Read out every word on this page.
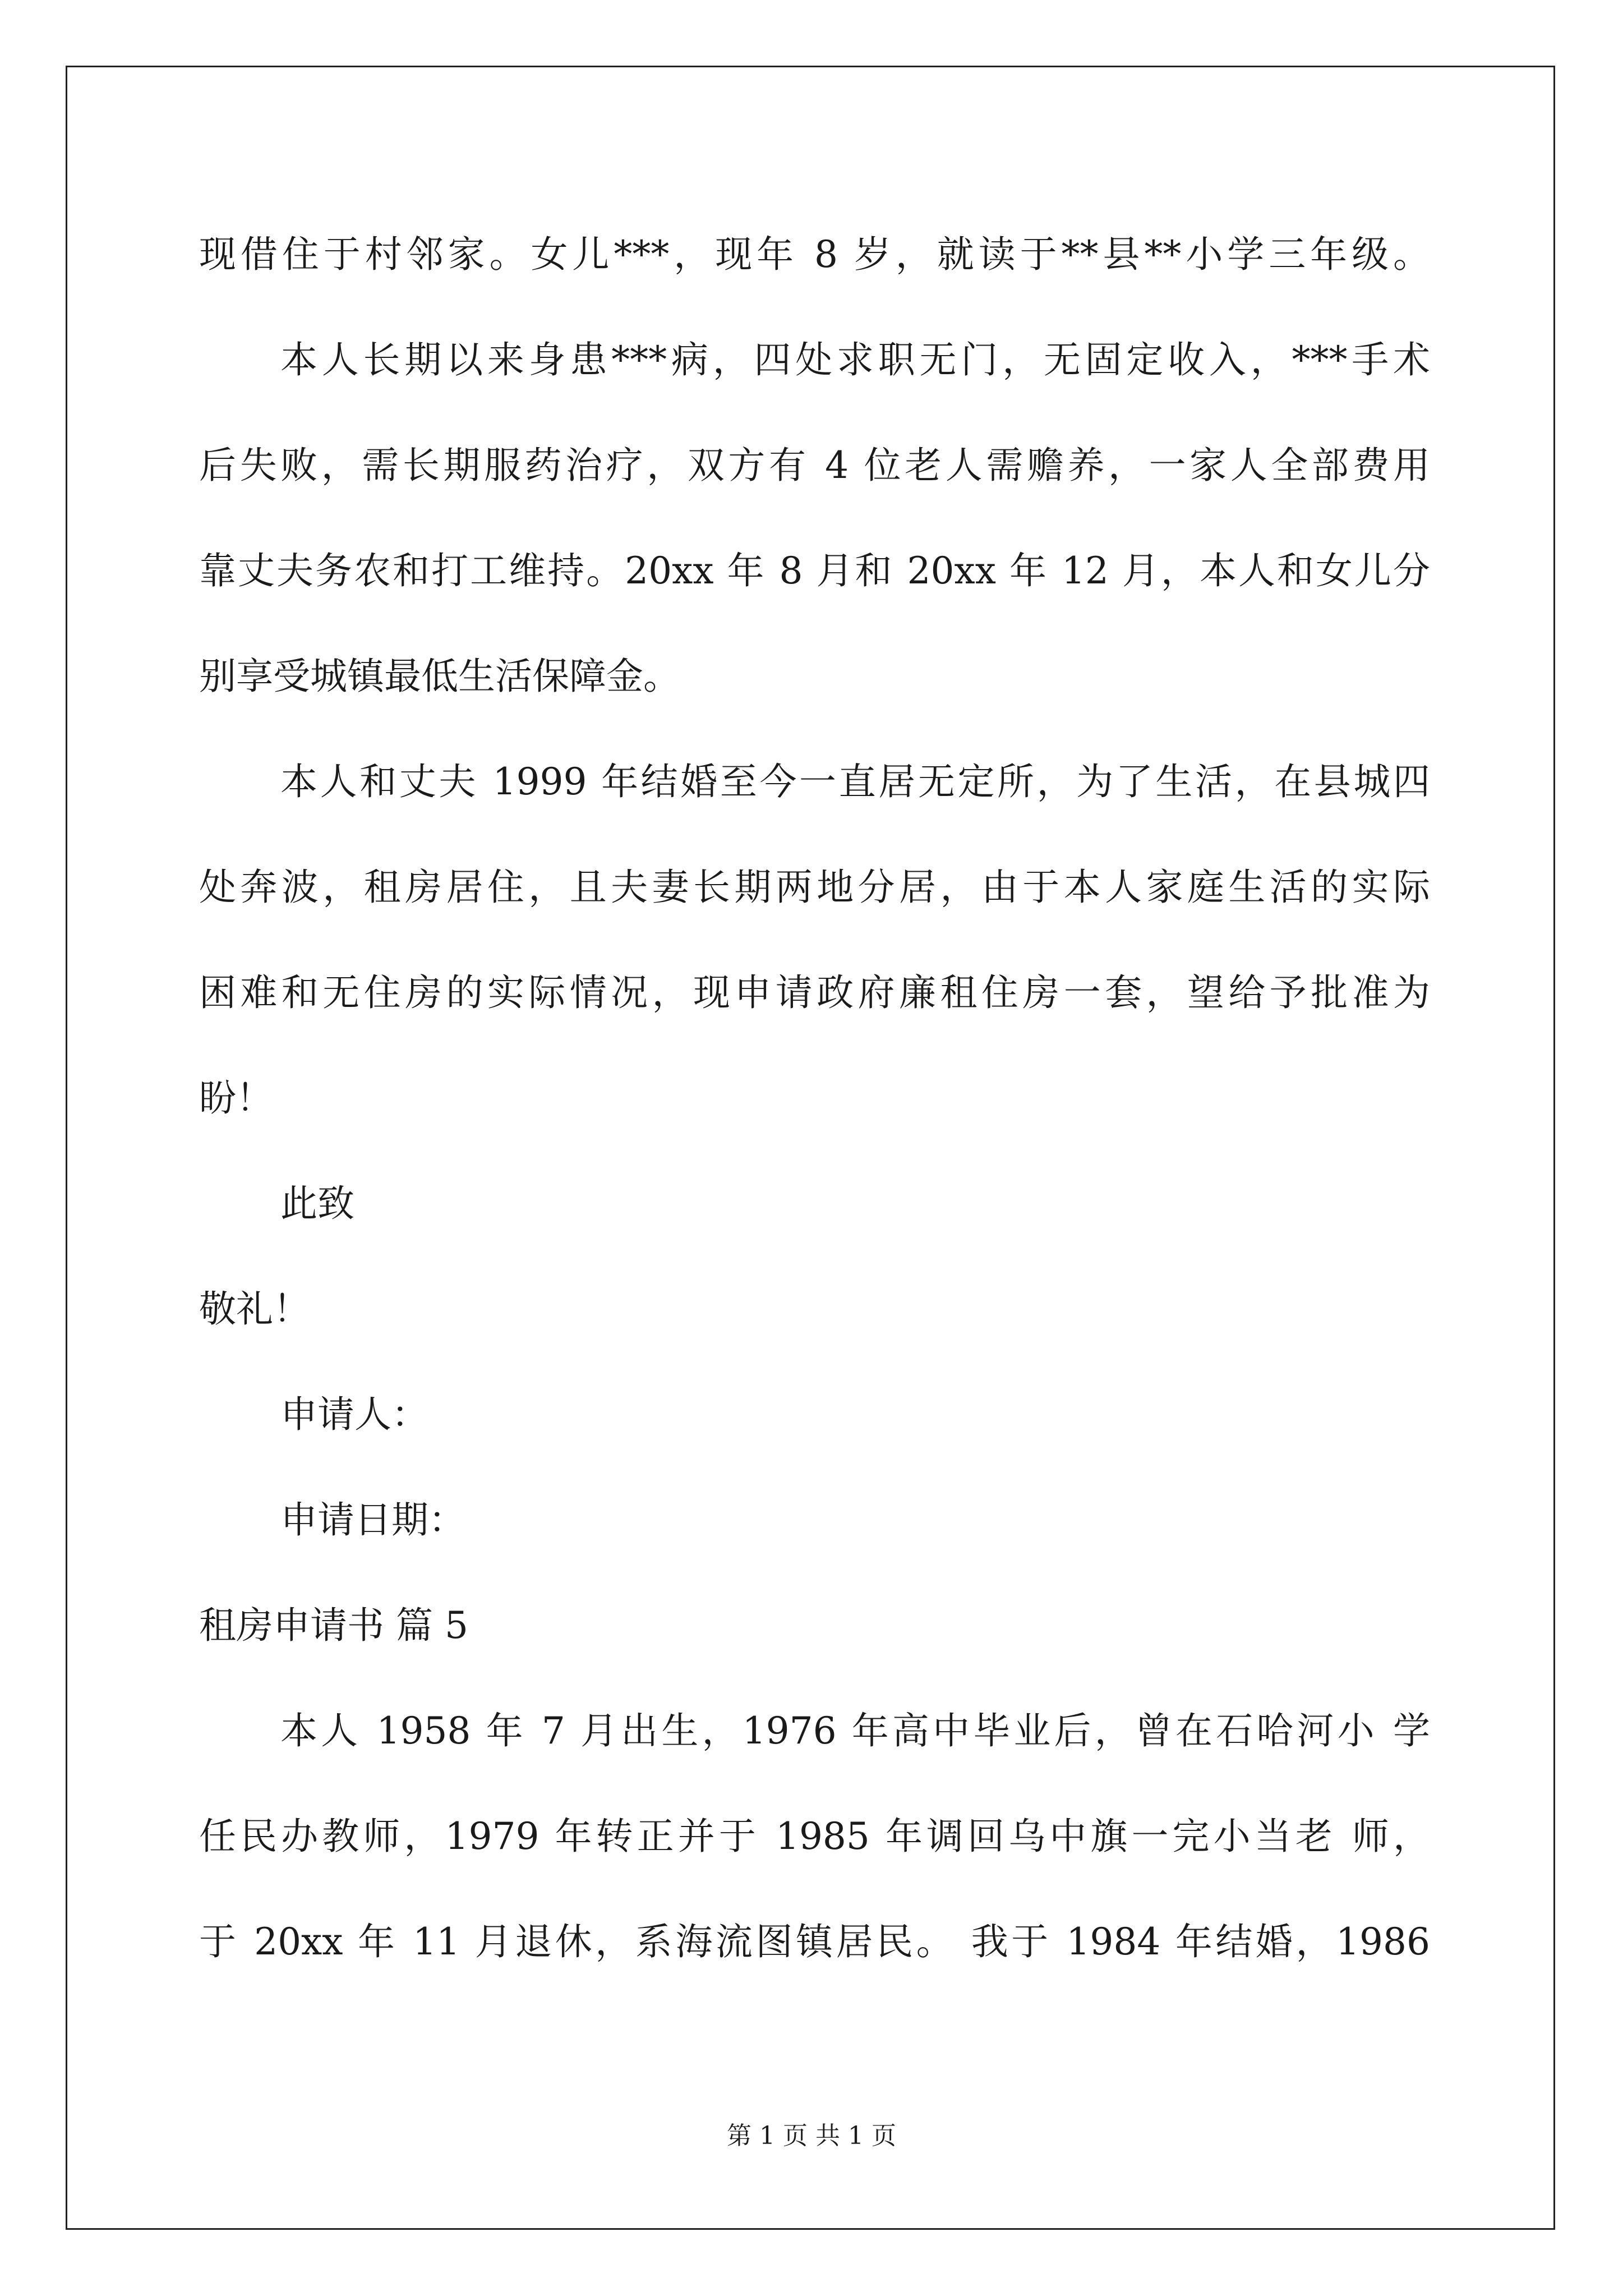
现借住于村邻家。女儿***，现年 8 岁，就读于**县**小学三年级。

本人长期以来身患***病，四处求职无门，无固定收入，***手术

后失败，需长期服药治疗，双方有 4 位老人需赡养，一家人全部费用

靠丈夫务农和打工维持。20xx 年 8 月和 20xx 年 12 月，本人和女儿分

别享受城镇最低生活保障金。

本人和丈夫 1999 年结婚至今一直居无定所，为了生活，在县城四

处奔波，租房居住，且夫妻长期两地分居，由于本人家庭生活的实际

困难和无住房的实际情况，现申请政府廉租住房一套，望给予批准为

盼！

此致

敬礼！

申请人：

申请日期：

租房申请书 篇 5

本人 1958 年 7 月出生，1976 年高中毕业后，曾在石哈河小 学

任民办教师，1979 年转正并于 1985 年调回乌中旗一完小当老 师，

于 20xx 年 11 月退休，系海流图镇居民。 我于 1984 年结婚，1986

第 1 页 共 1 页
